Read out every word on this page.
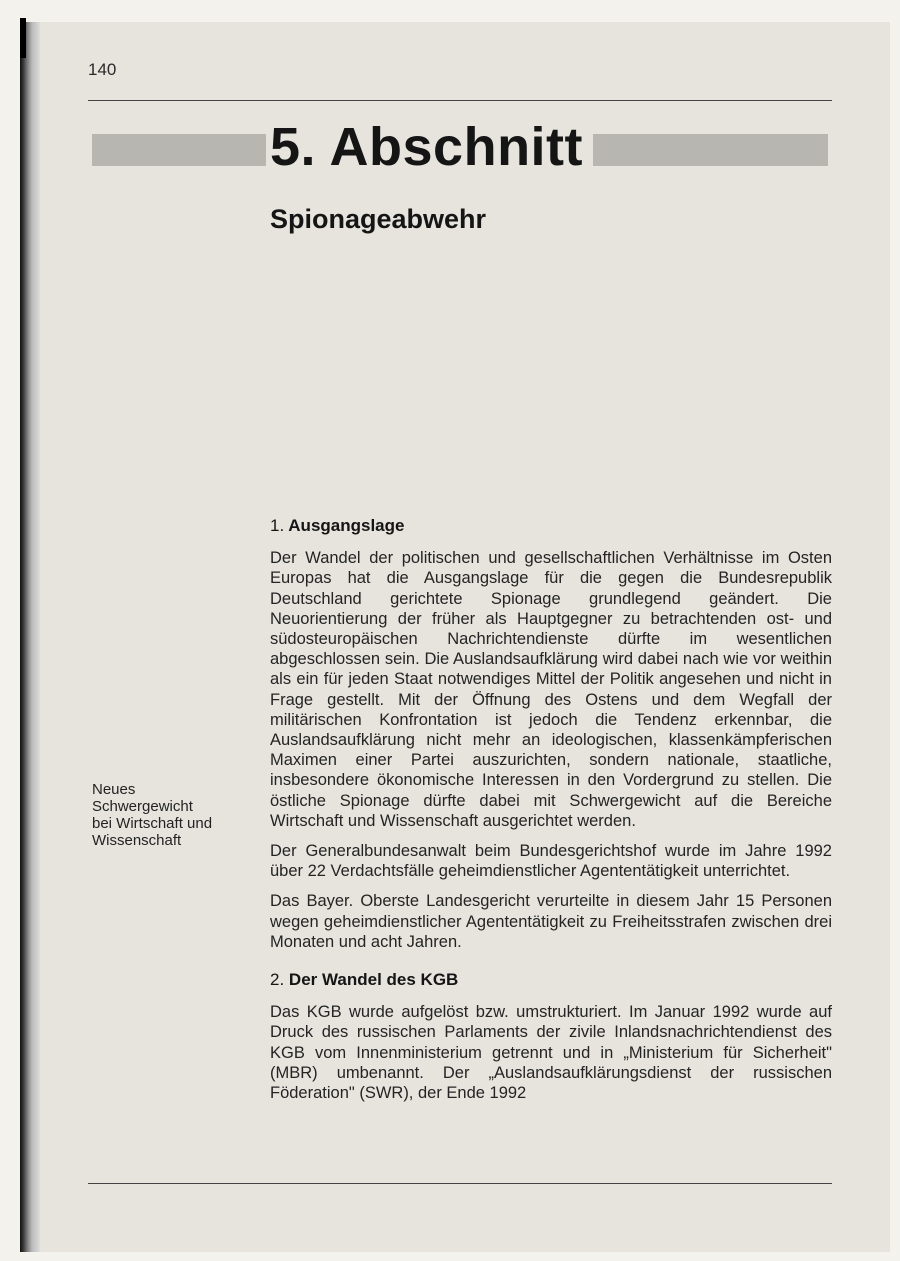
140
5. Abschnitt
Spionageabwehr
Neues
Schwergewicht
bei Wirtschaft und
Wissenschaft
1. Ausgangslage

Der Wandel der politischen und gesellschaftlichen Verhältnisse im Osten Europas hat die Ausgangslage für die gegen die Bundesrepublik Deutschland gerichtete Spionage grundlegend geändert. Die Neuorientierung der früher als Hauptgegner zu betrachtenden ost- und südosteuropäischen Nachrichtendienste dürfte im wesentlichen abgeschlossen sein. Die Auslandsaufklärung wird dabei nach wie vor weithin als ein für jeden Staat notwendiges Mittel der Politik angesehen und nicht in Frage gestellt. Mit der Öffnung des Ostens und dem Wegfall der militärischen Konfrontation ist jedoch die Tendenz erkennbar, die Auslandsaufklärung nicht mehr an ideologischen, klassenkämpferischen Maximen einer Partei auszurichten, sondern nationale, staatliche, insbesondere ökonomische Interessen in den Vordergrund zu stellen. Die östliche Spionage dürfte dabei mit Schwergewicht auf die Bereiche Wirtschaft und Wissenschaft ausgerichtet werden.

Der Generalbundesanwalt beim Bundesgerichtshof wurde im Jahre 1992 über 22 Verdachtsfälle geheimdienstlicher Agententätigkeit unterrichtet.

Das Bayer. Oberste Landesgericht verurteilte in diesem Jahr 15 Personen wegen geheimdienstlicher Agententätigkeit zu Freiheitsstrafen zwischen drei Monaten und acht Jahren.

2. Der Wandel des KGB

Das KGB wurde aufgelöst bzw. umstrukturiert. Im Januar 1992 wurde auf Druck des russischen Parlaments der zivile Inlandsnachrichtendienst des KGB vom Innenministerium getrennt und in „Ministerium für Sicherheit" (MBR) umbenannt. Der „Auslandsaufklärungsdienst der russischen Föderation" (SWR), der Ende 1992
